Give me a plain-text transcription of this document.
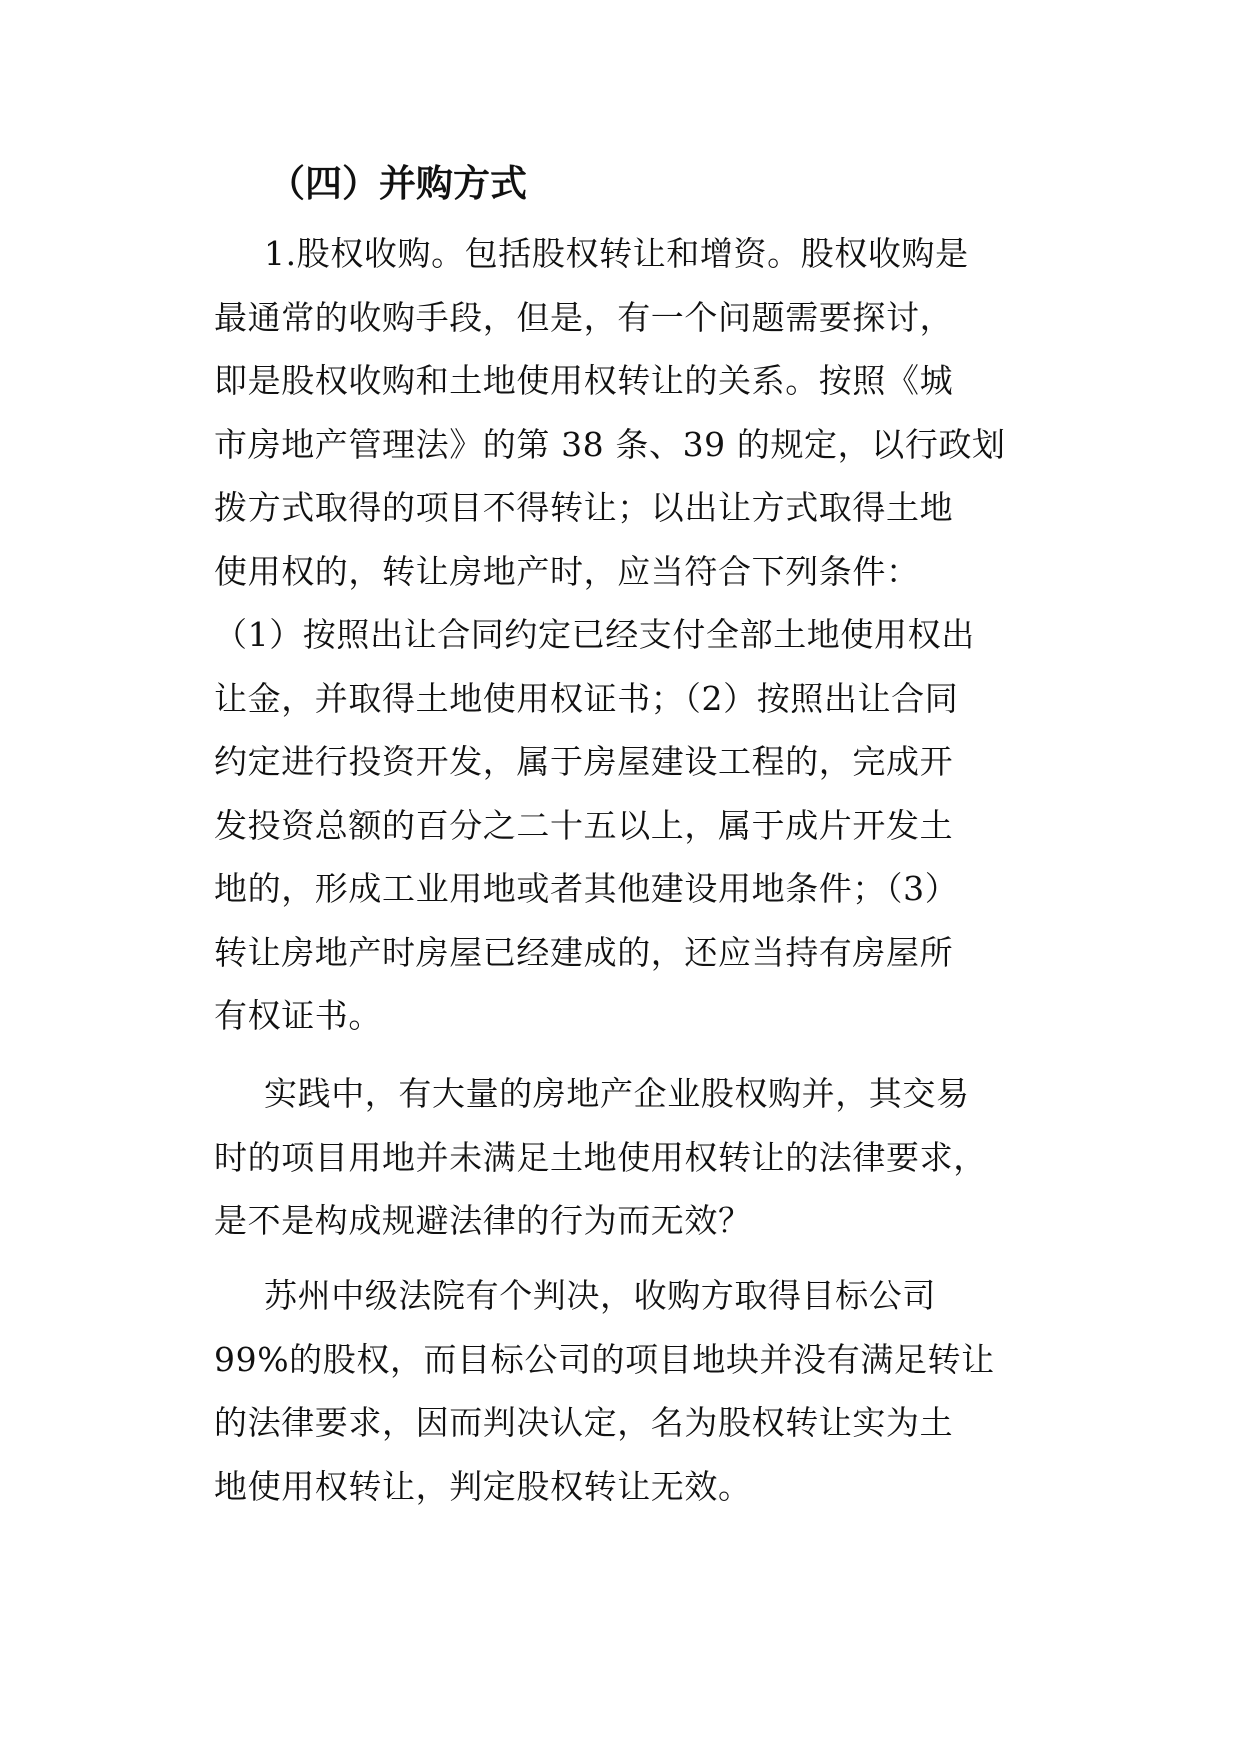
（四）并购方式
1.股权收购。包括股权转让和增资。股权收购是
最通常的收购手段，但是，有一个问题需要探讨，
即是股权收购和土地使用权转让的关系。按照《城
市房地产管理法》的第 38 条、39 的规定，以行政划
拨方式取得的项目不得转让；以出让方式取得土地
使用权的，转让房地产时，应当符合下列条件：
（1）按照出让合同约定已经支付全部土地使用权出
让金，并取得土地使用权证书；（2）按照出让合同
约定进行投资开发，属于房屋建设工程的，完成开
发投资总额的百分之二十五以上，属于成片开发土
地的，形成工业用地或者其他建设用地条件；（3）
转让房地产时房屋已经建成的，还应当持有房屋所
有权证书。
实践中，有大量的房地产企业股权购并，其交易
时的项目用地并未满足土地使用权转让的法律要求，
是不是构成规避法律的行为而无效？
苏州中级法院有个判决，收购方取得目标公司
99%的股权，而目标公司的项目地块并没有满足转让
的法律要求，因而判决认定，名为股权转让实为土
地使用权转让，判定股权转让无效。
